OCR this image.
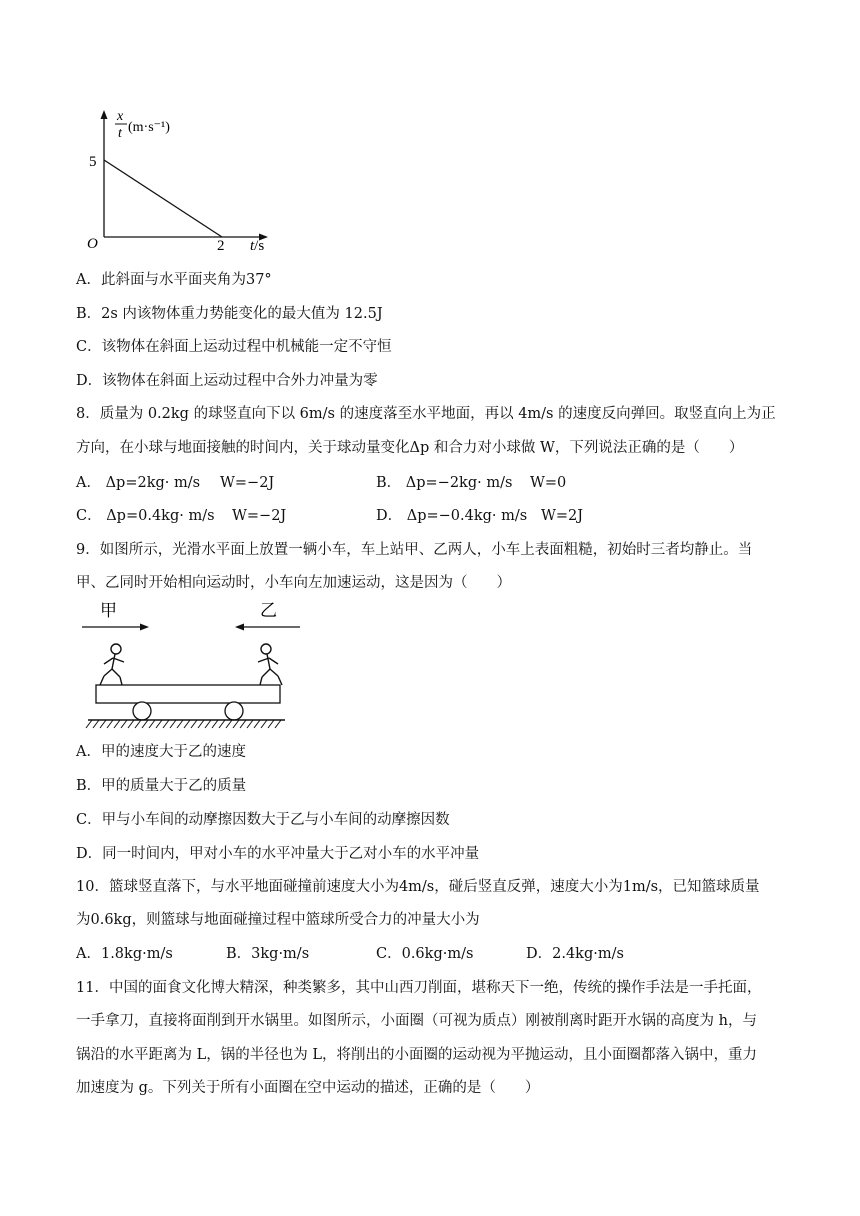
x
t (m·s⁻¹)
5
O	2 t/s
A．此斜面与水平面夹角为37°
B．2s 内该物体重力势能变化的最大值为 12.5J
C．该物体在斜面上运动过程中机械能一定不守恒
D．该物体在斜面上运动过程中合外力冲量为零
8．质量为 0.2kg 的球竖直向下以 6m/s 的速度落至水平地面，再以 4m/s 的速度反向弹回。取竖直向上为正
方向，在小球与地面接触的时间内，关于球动量变化Δp 和合力对小球做 W，下列说法正确的是（　　）
A． Δp=2kg· m/s W=−2J	B． Δp=−2kg· m/s W=0
C． Δp=0.4kg· m/s W=−2J	D． Δp=−0.4kg· m/s W=2J
9．如图所示，光滑水平面上放置一辆小车，车上站甲、乙两人，小车上表面粗糙，初始时三者均静止。当
甲、乙同时开始相向运动时，小车向左加速运动，这是因为（　　）
甲	乙
A．甲的速度大于乙的速度
B．甲的质量大于乙的质量
C．甲与小车间的动摩擦因数大于乙与小车间的动摩擦因数
D．同一时间内，甲对小车的水平冲量大于乙对小车的水平冲量
10．篮球竖直落下，与水平地面碰撞前速度大小为4m/s，碰后竖直反弹，速度大小为1m/s，已知篮球质量
为0.6kg，则篮球与地面碰撞过程中篮球所受合力的冲量大小为
A．1.8kg·m/s	B．3kg·m/s	C．0.6kg·m/s	D．2.4kg·m/s
11．中国的面食文化博大精深，种类繁多，其中山西刀削面，堪称天下一绝，传统的操作手法是一手托面，
一手拿刀，直接将面削到开水锅里。如图所示，小面圈（可视为质点）刚被削离时距开水锅的高度为 h，与
锅沿的水平距离为 L，锅的半径也为 L，将削出的小面圈的运动视为平抛运动，且小面圈都落入锅中，重力
加速度为 g。下列关于所有小面圈在空中运动的描述，正确的是（　　）
